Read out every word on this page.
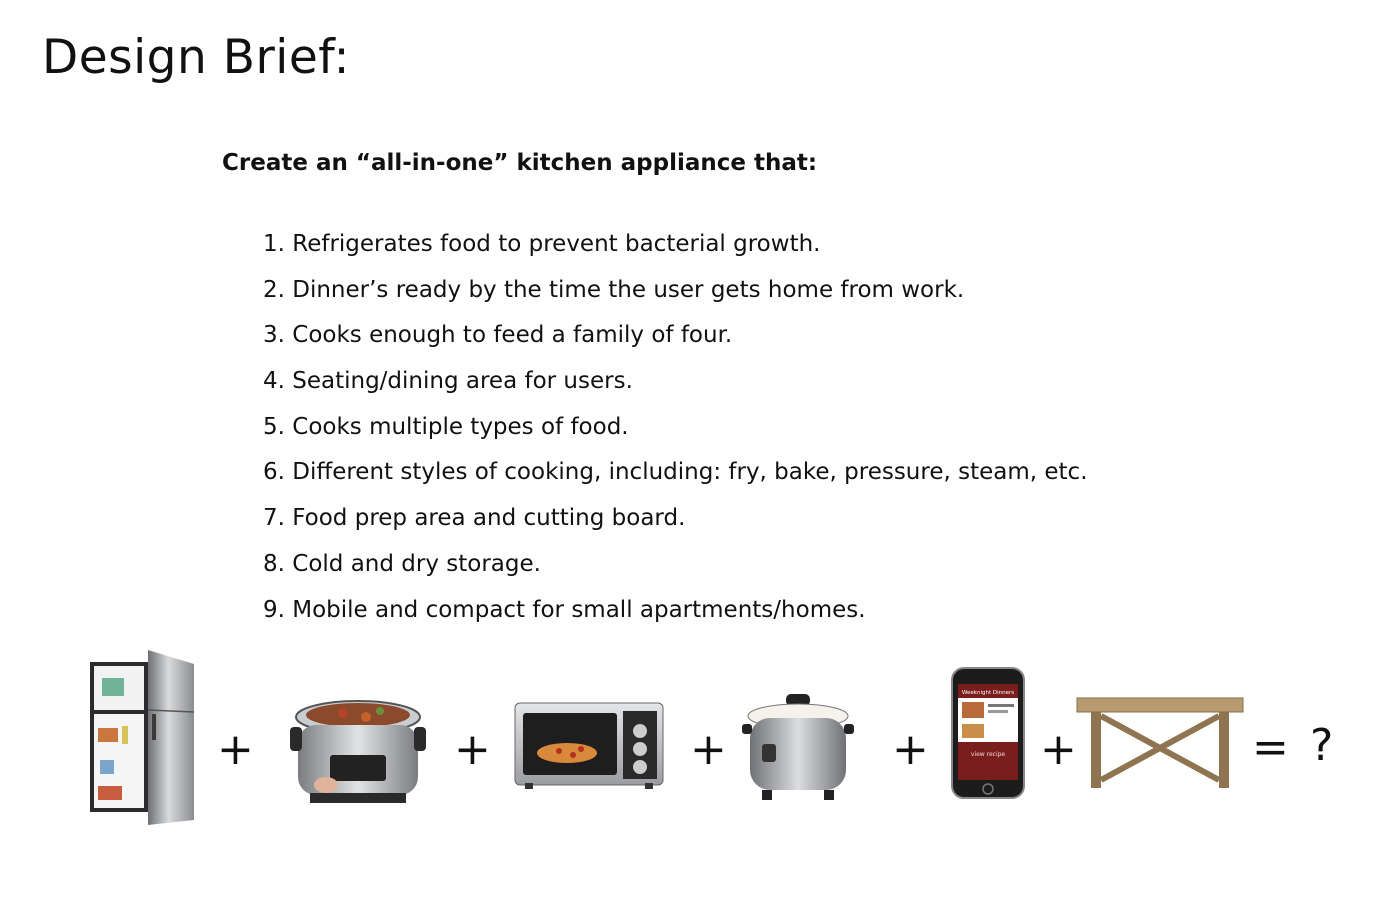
Design Brief:
Create an “all-in-one” kitchen appliance that:
1. Refrigerates food to prevent bacterial growth.
2. Dinner’s ready by the time the user gets home from work.
3. Cooks enough to feed a family of four.
4. Seating/dining area for users.
5. Cooks multiple types of food.
6. Different styles of cooking, including: fry, bake, pressure, steam, etc.
7. Food prep area and cutting board.
8. Cold and dry storage.
9. Mobile and compact for small apartments/homes.
+	+	+	+
Weeknight Dinners
view recipe +	= ?
